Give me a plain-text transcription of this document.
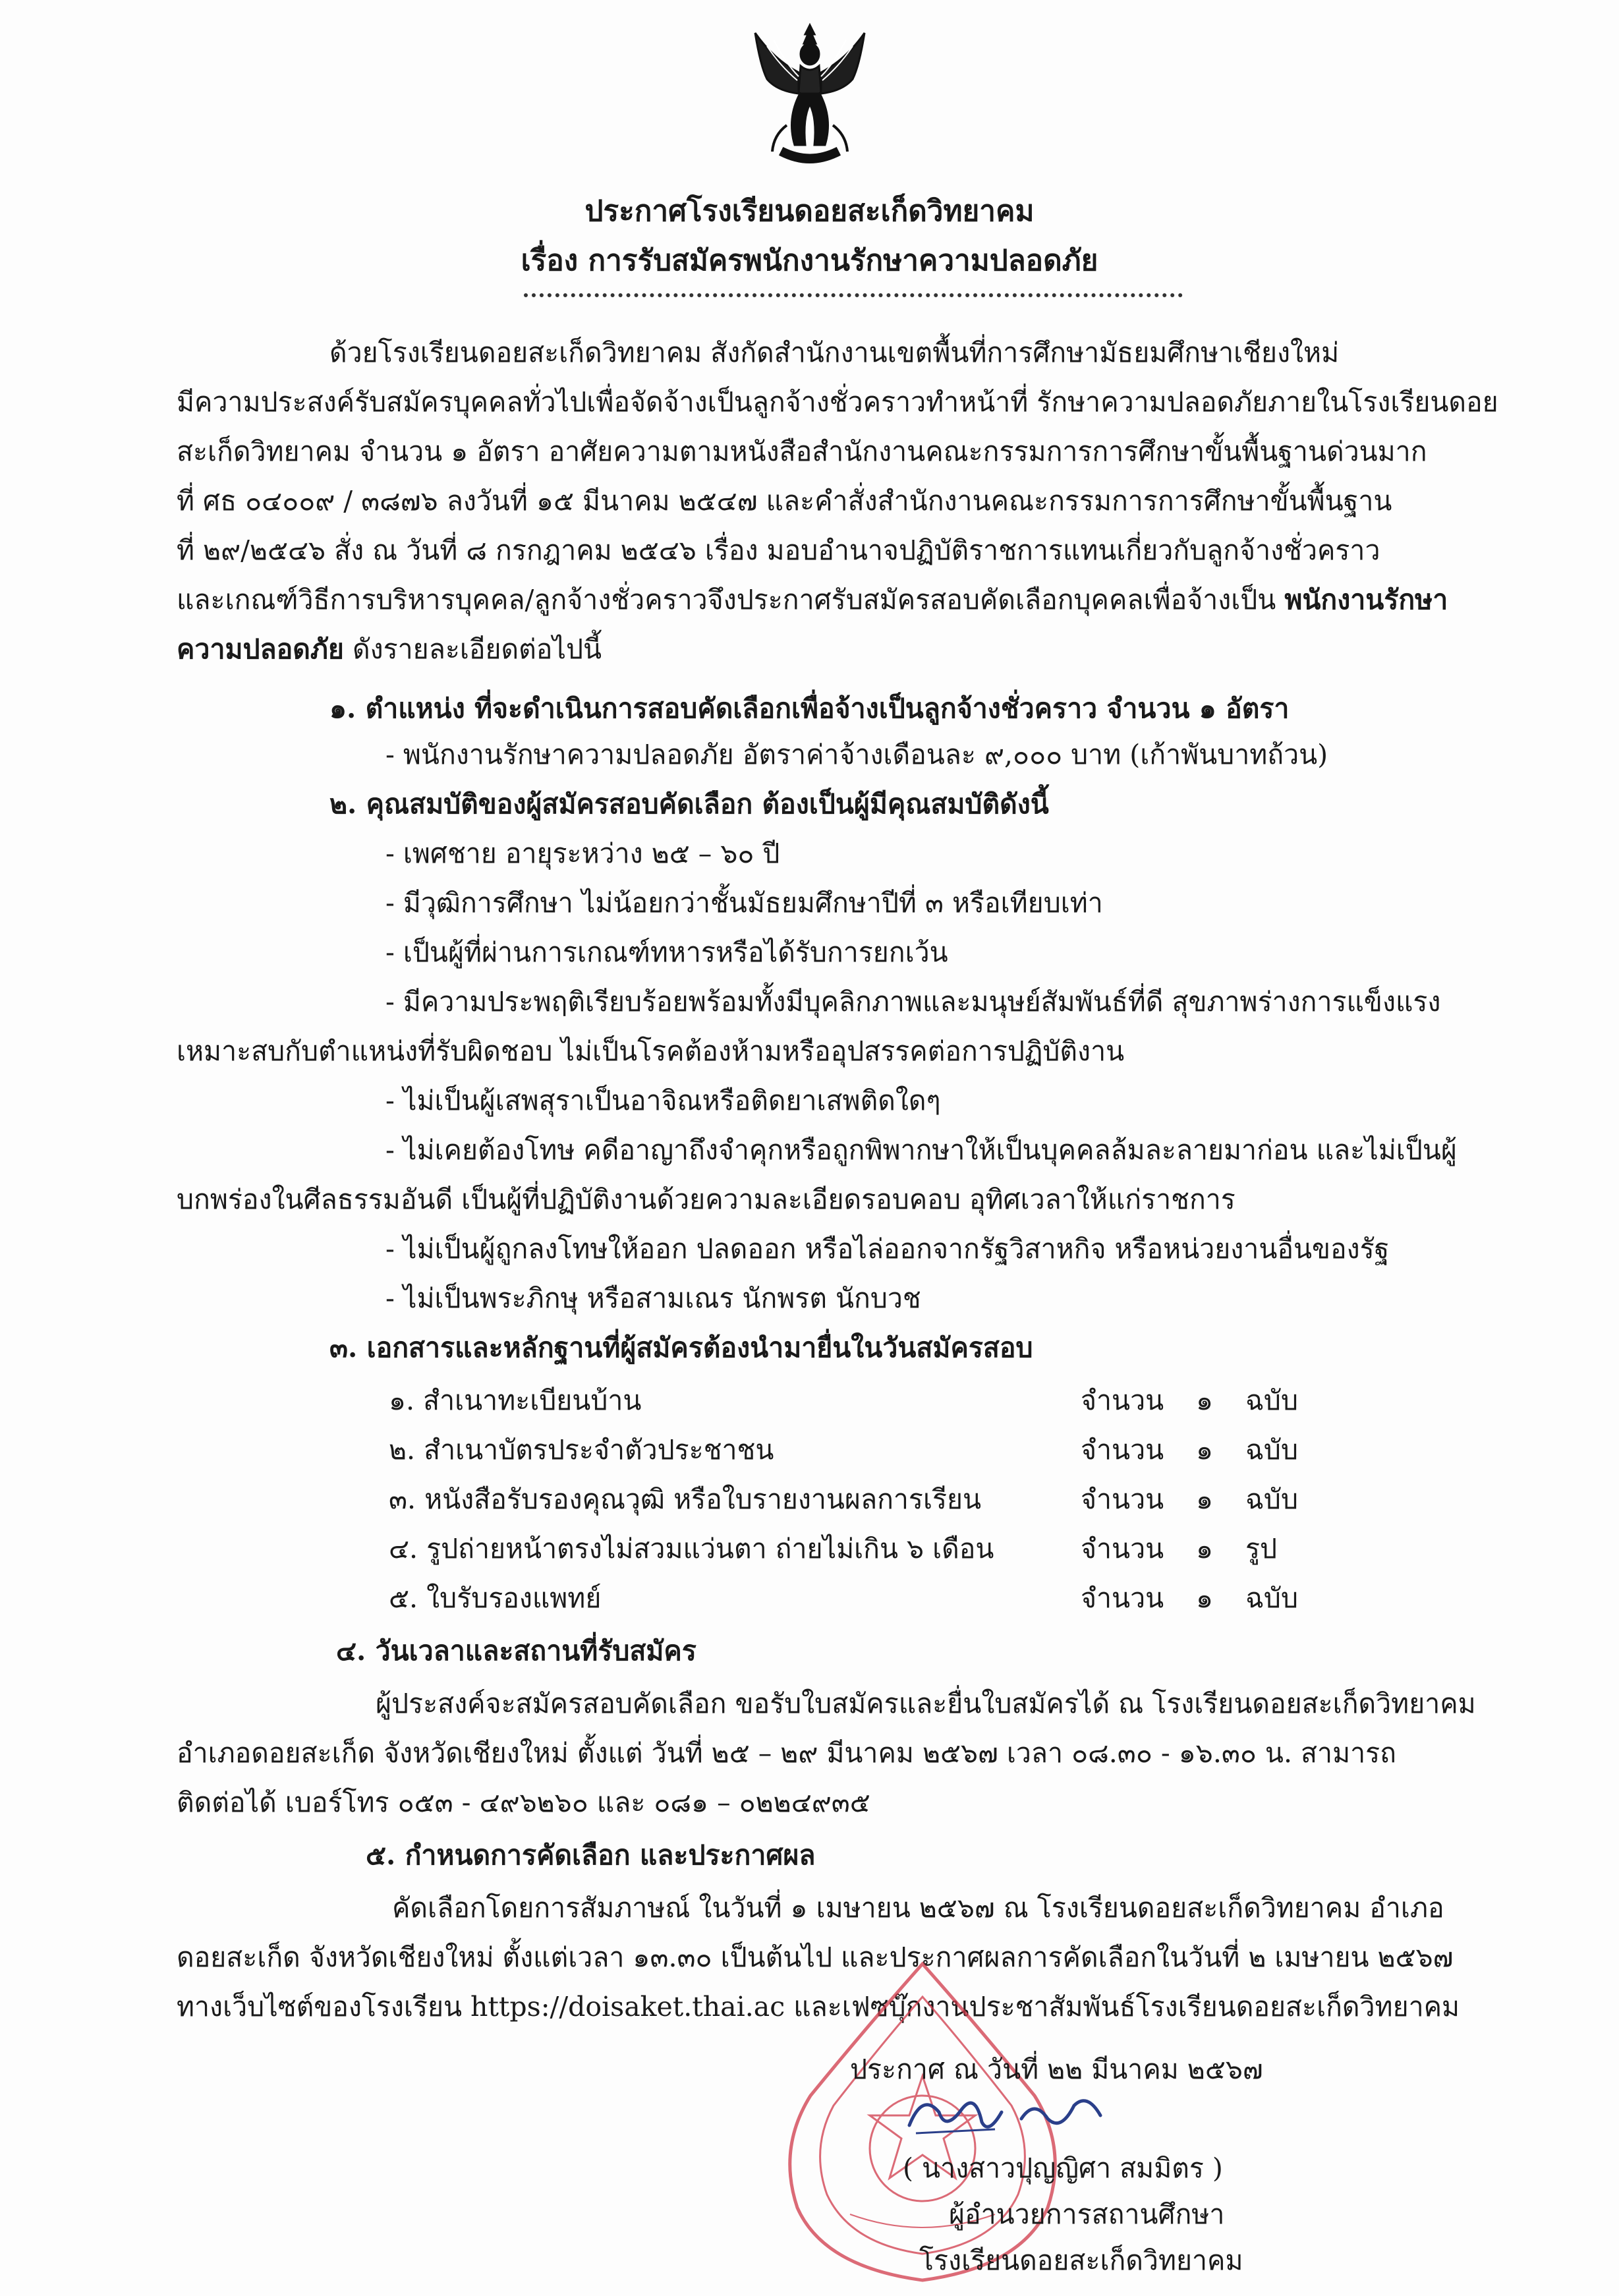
ประกาศโรงเรียนดอยสะเก็ดวิทยาคม
เรื่อง การรับสมัครพนักงานรักษาความปลอดภัย
ด้วยโรงเรียนดอยสะเก็ดวิทยาคม สังกัดสำนักงานเขตพื้นที่การศึกษามัธยมศึกษาเชียงใหม่
มีความประสงค์รับสมัครบุคคลทั่วไปเพื่อจัดจ้างเป็นลูกจ้างชั่วคราวทำหน้าที่ รักษาความปลอดภัยภายในโรงเรียนดอย
สะเก็ดวิทยาคม จำนวน ๑ อัตรา อาศัยความตามหนังสือสำนักงานคณะกรรมการการศึกษาขั้นพื้นฐานด่วนมาก
ที่ ศธ ๐๔๐๐๙ / ๓๘๗๖ ลงวันที่ ๑๕ มีนาคม ๒๕๔๗ และคำสั่งสำนักงานคณะกรรมการการศึกษาขั้นพื้นฐาน
ที่ ๒๙/๒๕๔๖ สั่ง ณ วันที่ ๘ กรกฎาคม ๒๕๔๖ เรื่อง มอบอำนาจปฏิบัติราชการแทนเกี่ยวกับลูกจ้างชั่วคราว
และเกณฑ์วิธีการบริหารบุคคล/ลูกจ้างชั่วคราวจึงประกาศรับสมัครสอบคัดเลือกบุคคลเพื่อจ้างเป็น พนักงานรักษา
ความปลอดภัย ดังรายละเอียดต่อไปนี้
๑. ตำแหน่ง ที่จะดำเนินการสอบคัดเลือกเพื่อจ้างเป็นลูกจ้างชั่วคราว จำนวน ๑ อัตรา
- พนักงานรักษาความปลอดภัย อัตราค่าจ้างเดือนละ ๙,๐๐๐ บาท (เก้าพันบาทถ้วน)
๒. คุณสมบัติของผู้สมัครสอบคัดเลือก ต้องเป็นผู้มีคุณสมบัติดังนี้
- เพศชาย อายุระหว่าง ๒๕ – ๖๐ ปี
- มีวุฒิการศึกษา ไม่น้อยกว่าชั้นมัธยมศึกษาปีที่ ๓ หรือเทียบเท่า
- เป็นผู้ที่ผ่านการเกณฑ์ทหารหรือได้รับการยกเว้น
- มีความประพฤติเรียบร้อยพร้อมทั้งมีบุคลิกภาพและมนุษย์สัมพันธ์ที่ดี สุขภาพร่างการแข็งแรง
เหมาะสบกับตำแหน่งที่รับผิดชอบ ไม่เป็นโรคต้องห้ามหรืออุปสรรคต่อการปฏิบัติงาน
- ไม่เป็นผู้เสพสุราเป็นอาจิณหรือติดยาเสพติดใดๆ
- ไม่เคยต้องโทษ คดีอาญาถึงจำคุกหรือถูกพิพากษาให้เป็นบุคคลล้มละลายมาก่อน และไม่เป็นผู้
บกพร่องในศีลธรรมอันดี เป็นผู้ที่ปฏิบัติงานด้วยความละเอียดรอบคอบ อุทิศเวลาให้แก่ราชการ
- ไม่เป็นผู้ถูกลงโทษให้ออก ปลดออก หรือไล่ออกจากรัฐวิสาหกิจ หรือหน่วยงานอื่นของรัฐ
- ไม่เป็นพระภิกษุ หรือสามเณร นักพรต นักบวช
๓. เอกสารและหลักฐานที่ผู้สมัครต้องนำมายื่นในวันสมัครสอบ
๑. สำเนาทะเบียนบ้าน	จำนวน ๑ ฉบับ
๒. สำเนาบัตรประจำตัวประชาชน	จำนวน ๑ ฉบับ
๓. หนังสือรับรองคุณวุฒิ หรือใบรายงานผลการเรียน	จำนวน ๑ ฉบับ
๔. รูปถ่ายหน้าตรงไม่สวมแว่นตา ถ่ายไม่เกิน ๖ เดือน	จำนวน ๑ รูป
๕. ใบรับรองแพทย์	จำนวน ๑ ฉบับ
๔. วันเวลาและสถานที่รับสมัคร
ผู้ประสงค์จะสมัครสอบคัดเลือก ขอรับใบสมัครและยื่นใบสมัครได้ ณ โรงเรียนดอยสะเก็ดวิทยาคม
อำเภอดอยสะเก็ด จังหวัดเชียงใหม่ ตั้งแต่ วันที่ ๒๕ – ๒๙ มีนาคม ๒๕๖๗ เวลา ๐๘.๓๐ - ๑๖.๓๐ น. สามารถ
ติดต่อได้ เบอร์โทร ๐๕๓ - ๔๙๖๒๖๐ และ ๐๘๑ – ๐๒๒๔๙๓๕
๕. กำหนดการคัดเลือก และประกาศผล
คัดเลือกโดยการสัมภาษณ์ ในวันที่ ๑ เมษายน ๒๕๖๗ ณ โรงเรียนดอยสะเก็ดวิทยาคม อำเภอ
ดอยสะเก็ด จังหวัดเชียงใหม่ ตั้งแต่เวลา ๑๓.๓๐ เป็นต้นไป และประกาศผลการคัดเลือกในวันที่ ๒ เมษายน ๒๕๖๗
ทางเว็บไซต์ของโรงเรียน https://doisaket.thai.ac และเฟซบุ๊กงานประชาสัมพันธ์โรงเรียนดอยสะเก็ดวิทยาคม
ประกาศ ณ วันที่ ๒๒ มีนาคม ๒๕๖๗
( นางสาวปุญญิศา สมมิตร )
ผู้อำนวยการสถานศึกษา
โรงเรียนดอยสะเก็ดวิทยาคม
